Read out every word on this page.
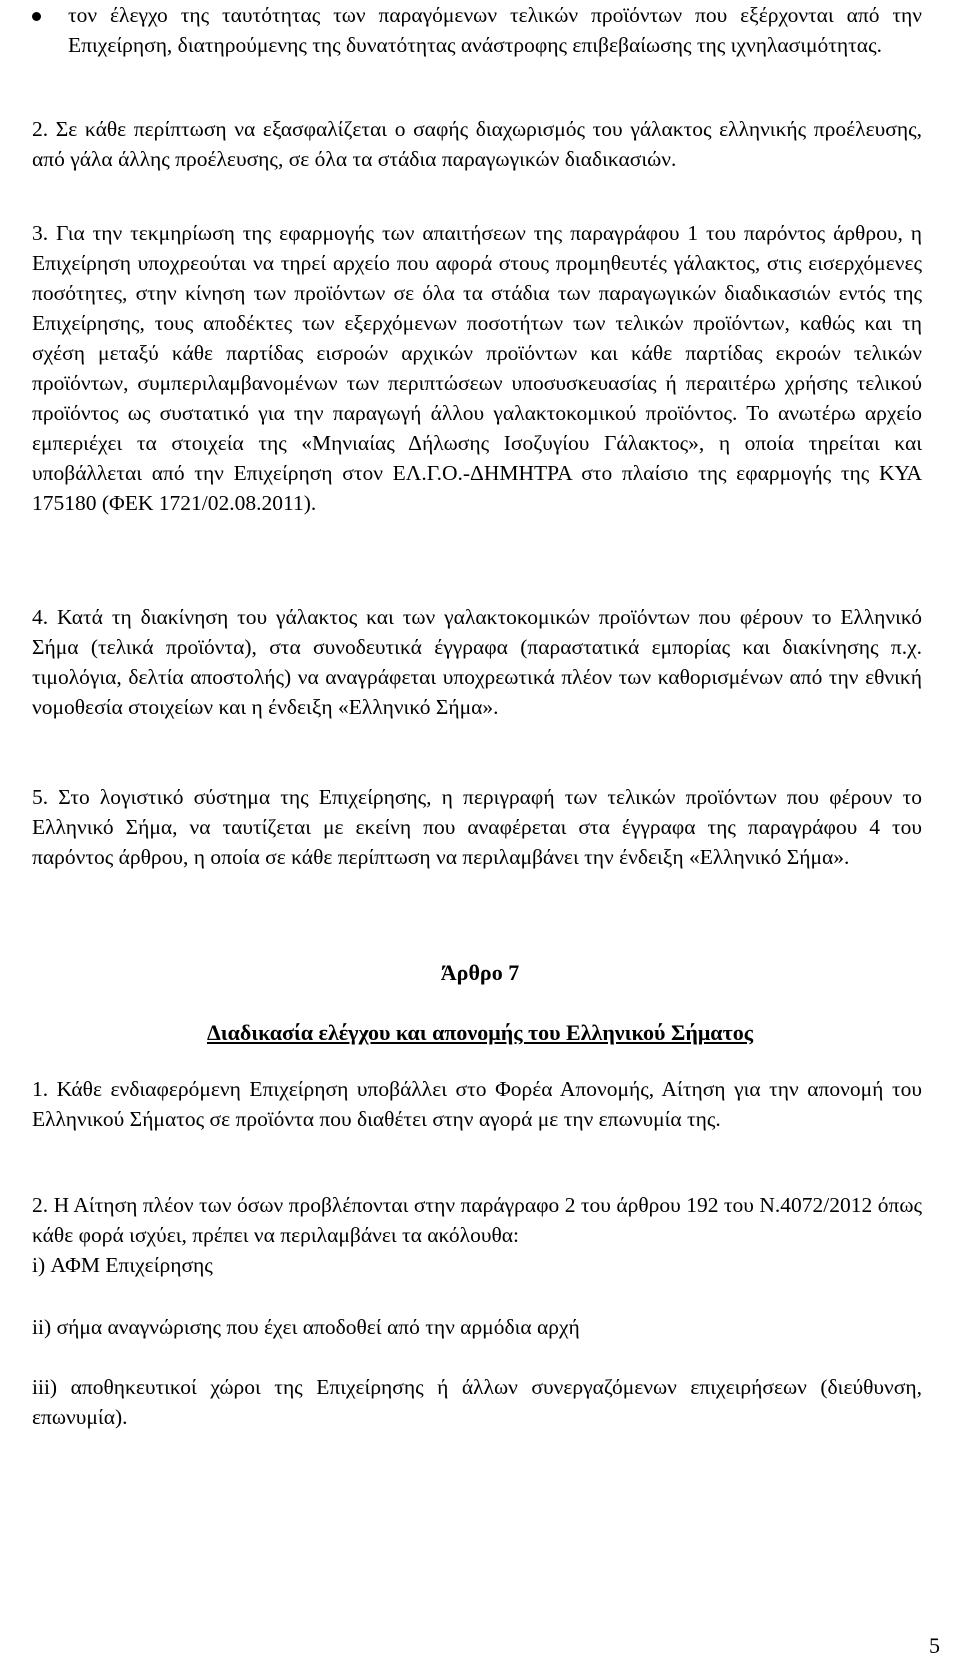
τον έλεγχο της ταυτότητας των παραγόμενων τελικών προϊόντων που εξέρχονται από την Επιχείρηση, διατηρούμενης της δυνατότητας ανάστροφης επιβεβαίωσης της ιχνηλασιμότητας.

2. Σε κάθε περίπτωση να εξασφαλίζεται ο σαφής διαχωρισμός του γάλακτος ελληνικής προέλευσης, από γάλα άλλης προέλευσης, σε όλα τα στάδια παραγωγικών διαδικασιών.

3. Για την τεκμηρίωση της εφαρμογής των απαιτήσεων της παραγράφου 1 του παρόντος άρθρου, η Επιχείρηση υποχρεούται να τηρεί αρχείο που αφορά στους προμηθευτές γάλακτος, στις εισερχόμενες ποσότητες, στην κίνηση των προϊόντων σε όλα τα στάδια των παραγωγικών διαδικασιών εντός της Επιχείρησης, τους αποδέκτες των εξερχόμενων ποσοτήτων των τελικών προϊόντων, καθώς και τη σχέση μεταξύ κάθε παρτίδας εισροών αρχικών προϊόντων και κάθε παρτίδας εκροών τελικών προϊόντων, συμπεριλαμβανομένων των περιπτώσεων υποσυσκευασίας ή περαιτέρω χρήσης τελικού προϊόντος ως συστατικό για την παραγωγή άλλου γαλακτοκομικού προϊόντος. Το ανωτέρω αρχείο εμπεριέχει τα στοιχεία της «Μηνιαίας Δήλωσης Ισοζυγίου Γάλακτος», η οποία τηρείται και υποβάλλεται από την Επιχείρηση στον ΕΛ.Γ.Ο.-ΔΗΜΗΤΡΑ στο πλαίσιο της εφαρμογής της ΚΥΑ 175180 (ΦΕΚ 1721/02.08.2011).

4. Κατά τη διακίνηση του γάλακτος και των γαλακτοκομικών προϊόντων που φέρουν το Ελληνικό Σήμα (τελικά προϊόντα), στα συνοδευτικά έγγραφα (παραστατικά εμπορίας και διακίνησης π.χ. τιμολόγια, δελτία αποστολής) να αναγράφεται υποχρεωτικά πλέον των καθορισμένων από την εθνική νομοθεσία στοιχείων και η ένδειξη «Ελληνικό Σήμα».

5. Στο λογιστικό σύστημα της Επιχείρησης, η περιγραφή των τελικών προϊόντων που φέρουν το Ελληνικό Σήμα, να ταυτίζεται με εκείνη που αναφέρεται στα έγγραφα της παραγράφου 4 του παρόντος άρθρου, η οποία σε κάθε περίπτωση να περιλαμβάνει την ένδειξη «Ελληνικό Σήμα».

Άρθρο 7

Διαδικασία ελέγχου και απονομής του Ελληνικού Σήματος

1. Κάθε ενδιαφερόμενη Επιχείρηση υποβάλλει στο Φορέα Απονομής, Αίτηση για την απονομή του Ελληνικού Σήματος σε προϊόντα που διαθέτει στην αγορά με την επωνυμία της.

2. Η Αίτηση πλέον των όσων προβλέπονται στην παράγραφο 2 του άρθρου 192 του Ν.4072/2012 όπως κάθε φορά ισχύει, πρέπει να περιλαμβάνει τα ακόλουθα:

i) ΑΦΜ Επιχείρησης

ii) σήμα αναγνώρισης που έχει αποδοθεί από την αρμόδια αρχή

iii) αποθηκευτικοί χώροι της Επιχείρησης ή άλλων συνεργαζόμενων επιχειρήσεων (διεύθυνση, επωνυμία).

5
